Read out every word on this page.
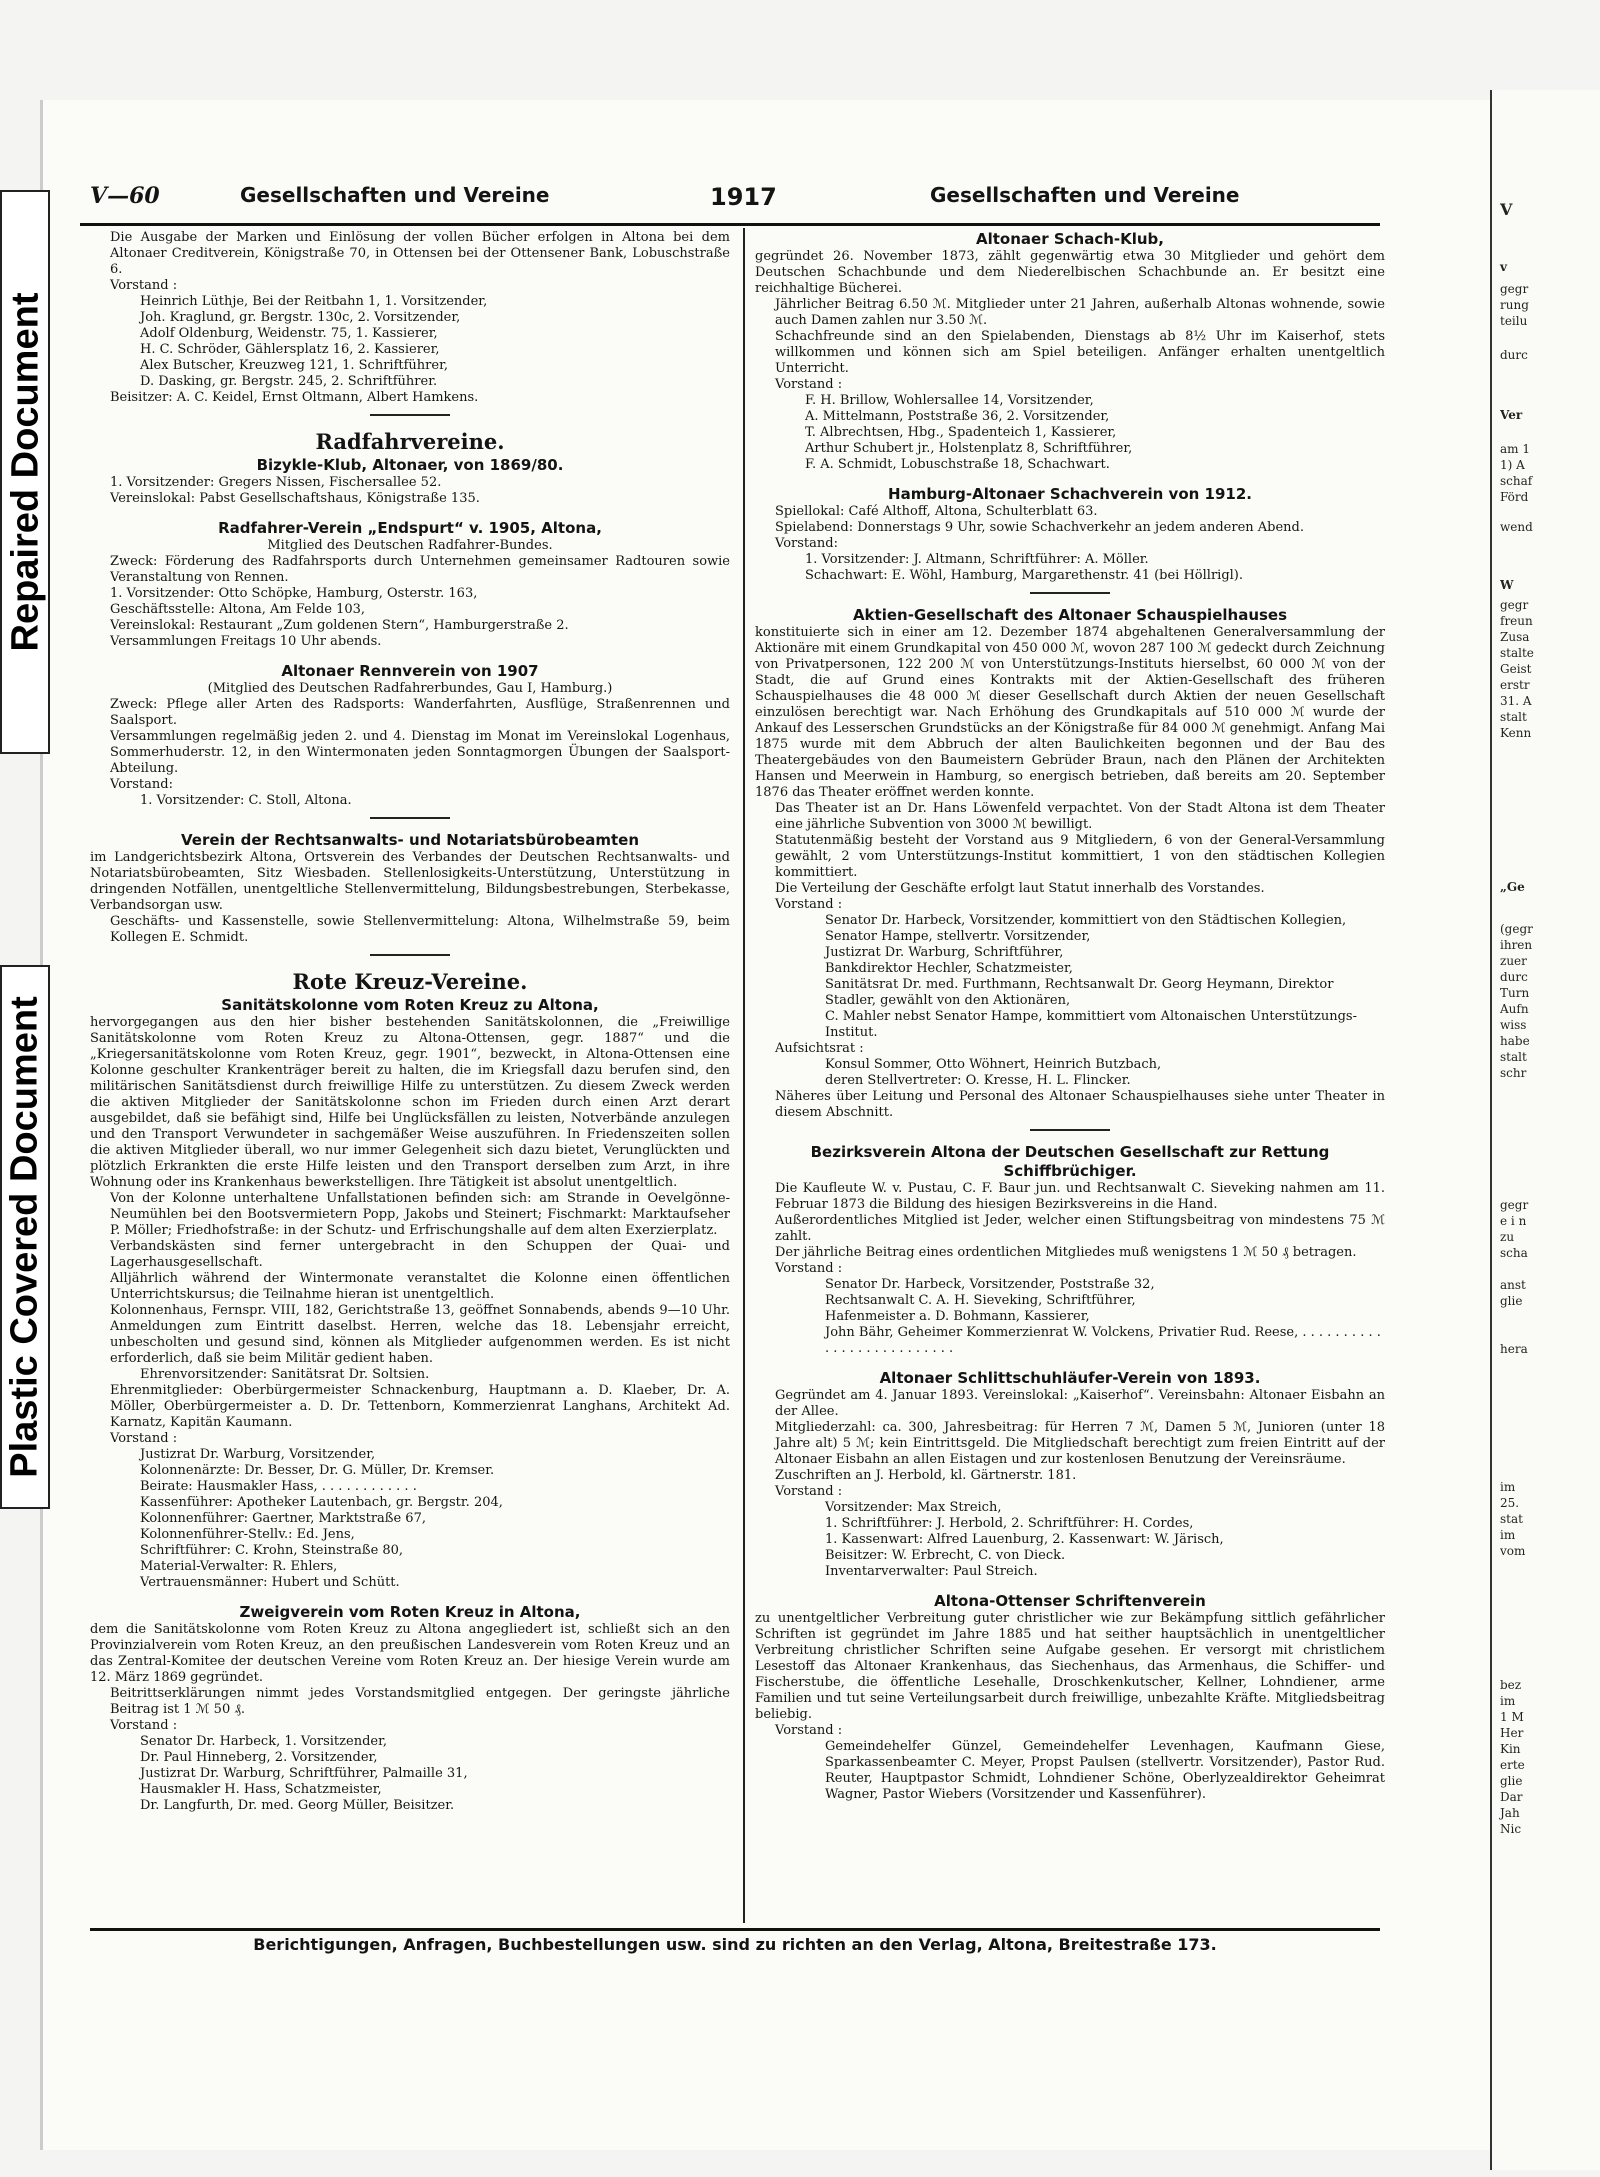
Repaired Document
Plastic Covered Document
V—60	Gesellschaften und Vereine	1917	Gesellschaften und Vereine

Die Ausgabe der Marken und Einlösung der vollen Bücher erfolgen in Altona bei dem Altonaer Creditverein, Königstraße 70, in Ottensen bei der Ottensener Bank, Lobuschstraße 6.

Vorstand :
Heinrich Lüthje, Bei der Reitbahn 1, 1. Vorsitzender,
Joh. Kraglund, gr. Bergstr. 130c, 2. Vorsitzender,
Adolf Oldenburg, Weidenstr. 75, 1. Kassierer,
H. C. Schröder, Gählersplatz 16, 2. Kassierer,
Alex Butscher, Kreuzweg 121, 1. Schriftführer,
D. Dasking, gr. Bergstr. 245, 2. Schriftführer.
Beisitzer: A. C. Keidel, Ernst Oltmann, Albert Hamkens.

Radfahrvereine.

Bizykle-Klub, Altonaer, von 1869/80.

1. Vorsitzender: Gregers Nissen, Fischersallee 52.
Vereinslokal: Pabst Gesellschaftshaus, Königstraße 135.

Radfahrer-Verein „Endspurt“ v. 1905, Altona,

Mitglied des Deutschen Radfahrer-Bundes.

Zweck: Förderung des Radfahrsports durch Unternehmen gemeinsamer Radtouren sowie Veranstaltung von Rennen.

1. Vorsitzender: Otto Schöpke, Hamburg, Osterstr. 163,
Geschäftsstelle: Altona, Am Felde 103,
Vereinslokal: Restaurant „Zum goldenen Stern“, Hamburgerstraße 2.
Versammlungen Freitags 10 Uhr abends.

Altonaer Rennverein von 1907

(Mitglied des Deutschen Radfahrerbundes, Gau I, Hamburg.)

Zweck: Pflege aller Arten des Radsports: Wanderfahrten, Ausflüge, Straßenrennen und Saalsport.

Versammlungen regelmäßig jeden 2. und 4. Dienstag im Monat im Vereinslokal Logenhaus, Sommerhuderstr. 12, in den Wintermonaten jeden Sonntagmorgen Übungen der Saalsport-Abteilung.

Vorstand:
1. Vorsitzender: C. Stoll, Altona.

Verein der Rechtsanwalts- und Notariatsbürobeamten

im Landgerichtsbezirk Altona, Ortsverein des Verbandes der Deutschen Rechtsanwalts- und Notariatsbürobeamten, Sitz Wiesbaden. Stellenlosigkeits-Unterstützung, Unterstützung in dringenden Notfällen, unentgeltliche Stellenvermittelung, Bildungsbestrebungen, Sterbekasse, Verbandsorgan usw.

Geschäfts- und Kassenstelle, sowie Stellenvermittelung: Altona, Wilhelmstraße 59, beim Kollegen E. Schmidt.

Rote Kreuz-Vereine.

Sanitätskolonne vom Roten Kreuz zu Altona,

hervorgegangen aus den hier bisher bestehenden Sanitätskolonnen, die „Freiwillige Sanitätskolonne vom Roten Kreuz zu Altona-Ottensen, gegr. 1887“ und die „Kriegersanitätskolonne vom Roten Kreuz, gegr. 1901“, bezweckt, in Altona-Ottensen eine Kolonne geschulter Krankenträger bereit zu halten, die im Kriegsfall dazu berufen sind, den militärischen Sanitätsdienst durch freiwillige Hilfe zu unterstützen. Zu diesem Zweck werden die aktiven Mitglieder der Sanitätskolonne schon im Frieden durch einen Arzt derart ausgebildet, daß sie befähigt sind, Hilfe bei Unglücksfällen zu leisten, Notverbände anzulegen und den Transport Verwundeter in sachgemäßer Weise auszuführen. In Friedenszeiten sollen die aktiven Mitglieder überall, wo nur immer Gelegenheit sich dazu bietet, Verunglückten und plötzlich Erkrankten die erste Hilfe leisten und den Transport derselben zum Arzt, in ihre Wohnung oder ins Krankenhaus bewerkstelligen. Ihre Tätigkeit ist absolut unentgeltlich.

Von der Kolonne unterhaltene Unfallstationen befinden sich: am Strande in Oevelgönne-Neumühlen bei den Bootsvermietern Popp, Jakobs und Steinert; Fischmarkt: Marktaufseher P. Möller; Friedhofstraße: in der Schutz- und Erfrischungshalle auf dem alten Exerzierplatz.

Verbandskästen sind ferner untergebracht in den Schuppen der Quai- und Lagerhausgesellschaft.

Alljährlich während der Wintermonate veranstaltet die Kolonne einen öffentlichen Unterrichtskursus; die Teilnahme hieran ist unentgeltlich.

Kolonnenhaus, Fernspr. VIII, 182, Gerichtstraße 13, geöffnet Sonnabends, abends 9—10 Uhr. Anmeldungen zum Eintritt daselbst. Herren, welche das 18. Lebensjahr erreicht, unbescholten und gesund sind, können als Mitglieder aufgenommen werden. Es ist nicht erforderlich, daß sie beim Militär gedient haben.

Ehrenvorsitzender: Sanitätsrat Dr. Soltsien.

Ehrenmitglieder: Oberbürgermeister Schnackenburg, Hauptmann a. D. Klaeber, Dr. A. Möller, Oberbürgermeister a. D. Dr. Tettenborn, Kommerzienrat Langhans, Architekt Ad. Karnatz, Kapitän Kaumann.

Vorstand :
Justizrat Dr. Warburg, Vorsitzender,
Kolonnenärzte: Dr. Besser, Dr. G. Müller, Dr. Kremser.
Beirate: Hausmakler Hass, . . . . . . . . . . . .
Kassenführer: Apotheker Lautenbach, gr. Bergstr. 204,
Kolonnenführer: Gaertner, Marktstraße 67,
Kolonnenführer-Stellv.: Ed. Jens,
Schriftführer: C. Krohn, Steinstraße 80,
Material-Verwalter: R. Ehlers,
Vertrauensmänner: Hubert und Schütt.

Zweigverein vom Roten Kreuz in Altona,

dem die Sanitätskolonne vom Roten Kreuz zu Altona angegliedert ist, schließt sich an den Provinzialverein vom Roten Kreuz, an den preußischen Landesverein vom Roten Kreuz und an das Zentral-Komitee der deutschen Vereine vom Roten Kreuz an. Der hiesige Verein wurde am 12. März 1869 gegründet.

Beitrittserklärungen nimmt jedes Vorstandsmitglied entgegen. Der geringste jährliche Beitrag ist 1 ℳ 50 ₰.

Vorstand :
Senator Dr. Harbeck, 1. Vorsitzender,
Dr. Paul Hinneberg, 2. Vorsitzender,
Justizrat Dr. Warburg, Schriftführer, Palmaille 31,
Hausmakler H. Hass, Schatzmeister,
Dr. Langfurth, Dr. med. Georg Müller, Beisitzer.

Altonaer Schach-Klub,

gegründet 26. November 1873, zählt gegenwärtig etwa 30 Mitglieder und gehört dem Deutschen Schachbunde und dem Niederelbischen Schachbunde an. Er besitzt eine reichhaltige Bücherei.

Jährlicher Beitrag 6.50 ℳ. Mitglieder unter 21 Jahren, außerhalb Altonas wohnende, sowie auch Damen zahlen nur 3.50 ℳ.

Schachfreunde sind an den Spielabenden, Dienstags ab 8½ Uhr im Kaiserhof, stets willkommen und können sich am Spiel beteiligen. Anfänger erhalten unentgeltlich Unterricht.

Vorstand :
F. H. Brillow, Wohlersallee 14, Vorsitzender,
A. Mittelmann, Poststraße 36, 2. Vorsitzender,
T. Albrechtsen, Hbg., Spadenteich 1, Kassierer,
Arthur Schubert jr., Holstenplatz 8, Schriftführer,
F. A. Schmidt, Lobuschstraße 18, Schachwart.

Hamburg-Altonaer Schachverein von 1912.

Spiellokal: Café Althoff, Altona, Schulterblatt 63.

Spielabend: Donnerstags 9 Uhr, sowie Schachverkehr an jedem anderen Abend.

Vorstand:
1. Vorsitzender: J. Altmann, Schriftführer: A. Möller.
Schachwart: E. Wöhl, Hamburg, Margarethenstr. 41 (bei Höllrigl).

Aktien-Gesellschaft des Altonaer Schauspielhauses

konstituierte sich in einer am 12. Dezember 1874 abgehaltenen Generalversammlung der Aktionäre mit einem Grundkapital von 450 000 ℳ, wovon 287 100 ℳ gedeckt durch Zeichnung von Privatpersonen, 122 200 ℳ von Unterstützungs-Instituts hierselbst, 60 000 ℳ von der Stadt, die auf Grund eines Kontrakts mit der Aktien-Gesellschaft des früheren Schauspielhauses die 48 000 ℳ dieser Gesellschaft durch Aktien der neuen Gesellschaft einzulösen berechtigt war. Nach Erhöhung des Grundkapitals auf 510 000 ℳ wurde der Ankauf des Lesserschen Grundstücks an der Königstraße für 84 000 ℳ genehmigt. Anfang Mai 1875 wurde mit dem Abbruch der alten Baulichkeiten begonnen und der Bau des Theatergebäudes von den Baumeistern Gebrüder Braun, nach den Plänen der Architekten Hansen und Meerwein in Hamburg, so energisch betrieben, daß bereits am 20. September 1876 das Theater eröffnet werden konnte.

Das Theater ist an Dr. Hans Löwenfeld verpachtet. Von der Stadt Altona ist dem Theater eine jährliche Subvention von 3000 ℳ bewilligt.

Statutenmäßig besteht der Vorstand aus 9 Mitgliedern, 6 von der General-Versammlung gewählt, 2 vom Unterstützungs-Institut kommittiert, 1 von den städtischen Kollegien kommittiert.

Die Verteilung der Geschäfte erfolgt laut Statut innerhalb des Vorstandes.

Vorstand :
Senator Dr. Harbeck, Vorsitzender, kommittiert von den Städtischen Kollegien,
Senator Hampe, stellvertr. Vorsitzender,
Justizrat Dr. Warburg, Schriftführer,
Bankdirektor Hechler, Schatzmeister,
Sanitätsrat Dr. med. Furthmann, Rechtsanwalt Dr. Georg Heymann, Direktor Stadler, gewählt von den Aktionären,
C. Mahler nebst Senator Hampe, kommittiert vom Altonaischen Unterstützungs-Institut.
Aufsichtsrat :
Konsul Sommer, Otto Wöhnert, Heinrich Butzbach,
deren Stellvertreter: O. Kresse, H. L. Flincker.

Näheres über Leitung und Personal des Altonaer Schauspielhauses siehe unter Theater in diesem Abschnitt.

Bezirksverein Altona der Deutschen Gesellschaft zur Rettung Schiffbrüchiger.

Die Kaufleute W. v. Pustau, C. F. Baur jun. und Rechtsanwalt C. Sieveking nahmen am 11. Februar 1873 die Bildung des hiesigen Bezirksvereins in die Hand.

Außerordentliches Mitglied ist Jeder, welcher einen Stiftungsbeitrag von mindestens 75 ℳ zahlt.

Der jährliche Beitrag eines ordentlichen Mitgliedes muß wenigstens 1 ℳ 50 ₰ betragen.

Vorstand :
Senator Dr. Harbeck, Vorsitzender, Poststraße 32,
Rechtsanwalt C. A. H. Sieveking, Schriftführer,
Hafenmeister a. D. Bohmann, Kassierer,
John Bähr, Geheimer Kommerzienrat W. Volckens, Privatier Rud. Reese, . . . . . . . . . . . . . . . . . . . . . . . . . .

Altonaer Schlittschuhläufer-Verein von 1893.

Gegründet am 4. Januar 1893. Vereinslokal: „Kaiserhof“. Vereinsbahn: Altonaer Eisbahn an der Allee.

Mitgliederzahl: ca. 300, Jahresbeitrag: für Herren 7 ℳ, Damen 5 ℳ, Junioren (unter 18 Jahre alt) 5 ℳ; kein Eintrittsgeld. Die Mitgliedschaft berechtigt zum freien Eintritt auf der Altonaer Eisbahn an allen Eistagen und zur kostenlosen Benutzung der Vereinsräume.

Zuschriften an J. Herbold, kl. Gärtnerstr. 181.

Vorstand :
Vorsitzender: Max Streich,
1. Schriftführer: J. Herbold, 2. Schriftführer: H. Cordes,
1. Kassenwart: Alfred Lauenburg, 2. Kassenwart: W. Järisch,
Beisitzer: W. Erbrecht, C. von Dieck.
Inventarverwalter: Paul Streich.

Altona-Ottenser Schriftenverein

zu unentgeltlicher Verbreitung guter christlicher wie zur Bekämpfung sittlich gefährlicher Schriften ist gegründet im Jahre 1885 und hat seither hauptsächlich in unentgeltlicher Verbreitung christlicher Schriften seine Aufgabe gesehen. Er versorgt mit christlichem Lesestoff das Altonaer Krankenhaus, das Siechenhaus, das Armenhaus, die Schiffer- und Fischerstube, die öffentliche Lesehalle, Droschkenkutscher, Kellner, Lohndiener, arme Familien und tut seine Verteilungsarbeit durch freiwillige, unbezahlte Kräfte. Mitgliedsbeitrag beliebig.

Vorstand :

Gemeindehelfer Günzel, Gemeindehelfer Levenhagen, Kaufmann Giese, Sparkassenbeamter C. Meyer, Propst Paulsen (stellvertr. Vorsitzender), Pastor Rud. Reuter, Hauptpastor Schmidt, Lohndiener Schöne, Oberlyzealdirektor Geheimrat Wagner, Pastor Wiebers (Vorsitzender und Kassenführer).

Berichtigungen, Anfragen, Buchbestellungen usw. sind zu richten an den Verlag, Altona, Breitestraße 173.
V
v
gegr
rung
teilu
durc
Ver
am 1
1) A
schaf
Förd
wend
W
gegr
freun
Zusa
stalte
Geist
erstr
31. A
stalt
Kenn
„Ge
(gegr
ihren
zuer
durc
Turn
Aufn
wiss
habe
stalt
schr
gegr
e i n
zu
scha
anst
glie
hera
im
25.
stat
im
vom
bez
im
1 M
Her
Kin
erte
glie
Dar
Jah
Nic
